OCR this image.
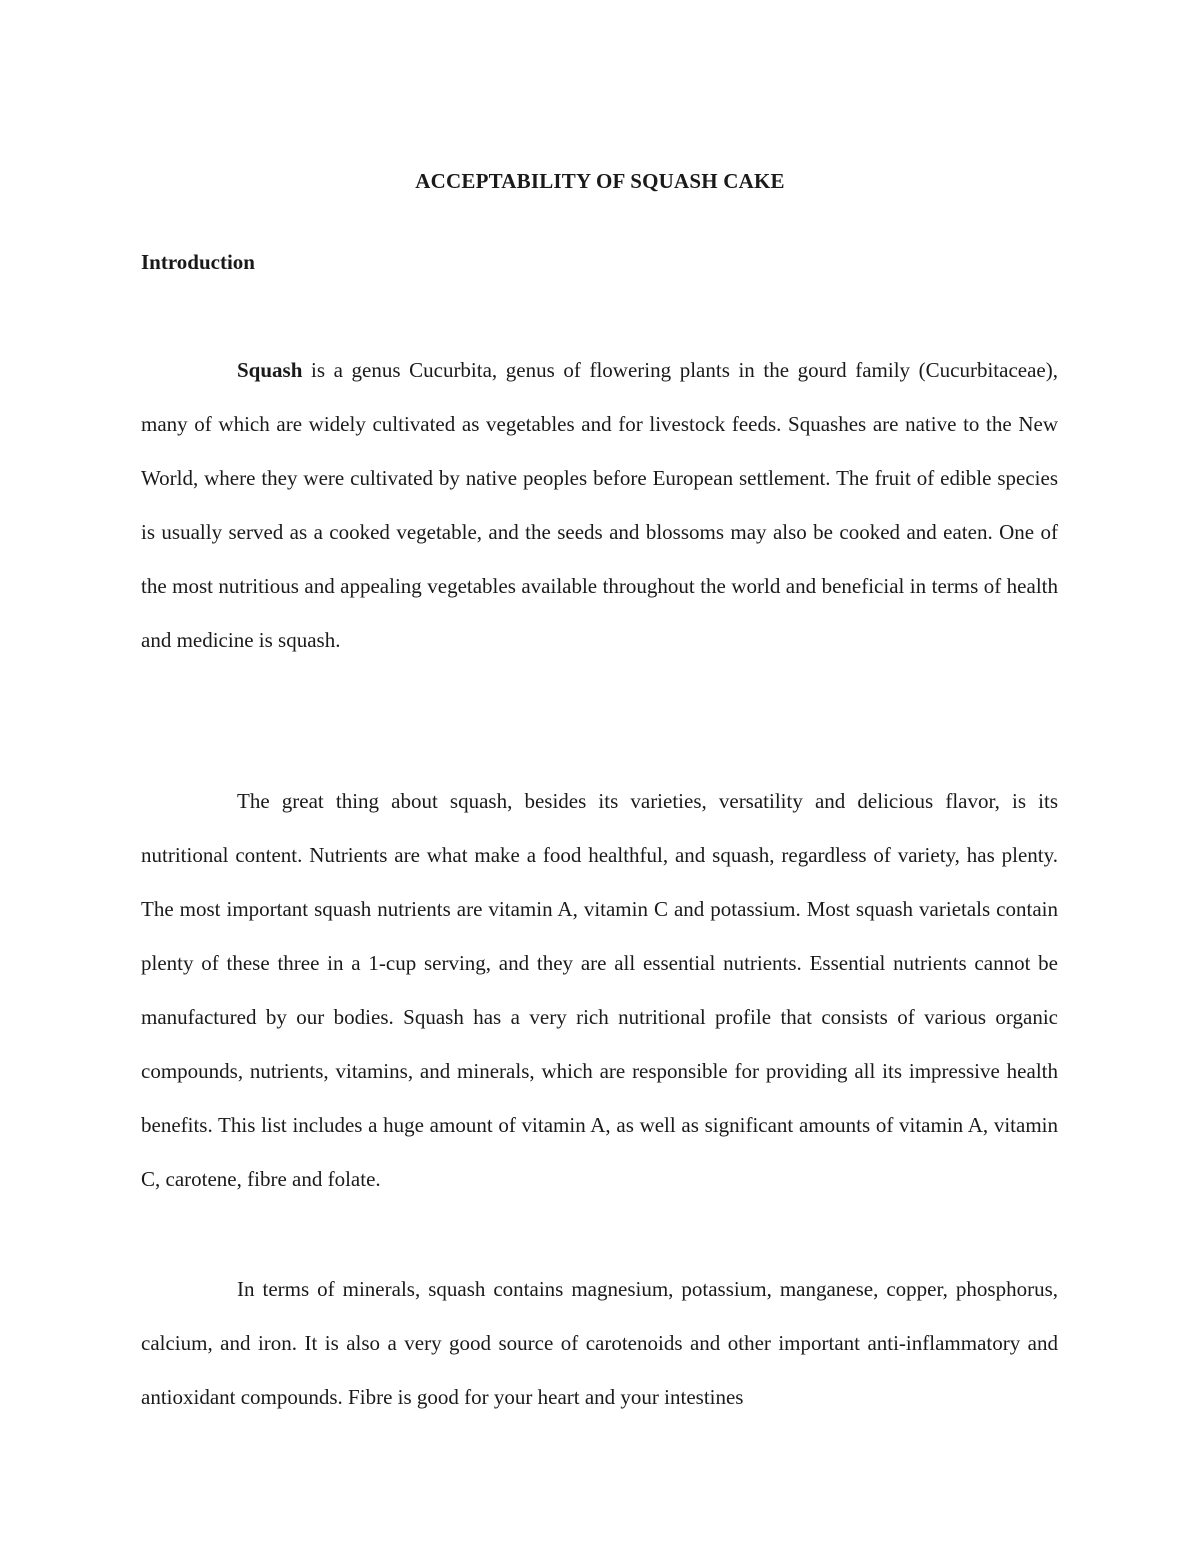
ACCEPTABILITY OF SQUASH CAKE
Introduction

Squash is a genus Cucurbita, genus of flowering plants in the gourd family (Cucurbitaceae), many of which are widely cultivated as vegetables and for livestock feeds. Squashes are native to the New World, where they were cultivated by native peoples before European settlement. The fruit of edible species is usually served as a cooked vegetable, and the seeds and blossoms may also be cooked and eaten. One of the most nutritious and appealing vegetables available throughout the world and beneficial in terms of health and medicine is squash.

The great thing about squash, besides its varieties, versatility and delicious flavor, is its nutritional content. Nutrients are what make a food healthful, and squash, regardless of variety, has plenty. The most important squash nutrients are vitamin A, vitamin C and potassium. Most squash varietals contain plenty of these three in a 1-cup serving, and they are all essential nutrients. Essential nutrients cannot be manufactured by our bodies. Squash has a very rich nutritional profile that consists of various organic compounds, nutrients, vitamins, and minerals, which are responsible for providing all its impressive health benefits. This list includes a huge amount of vitamin A, as well as significant amounts of vitamin A, vitamin C, carotene, fibre and folate.

In terms of minerals, squash contains magnesium, potassium, manganese, copper, phosphorus, calcium, and iron. It is also a very good source of carotenoids and other important anti-inflammatory and antioxidant compounds. Fibre is good for your heart and your intestines
